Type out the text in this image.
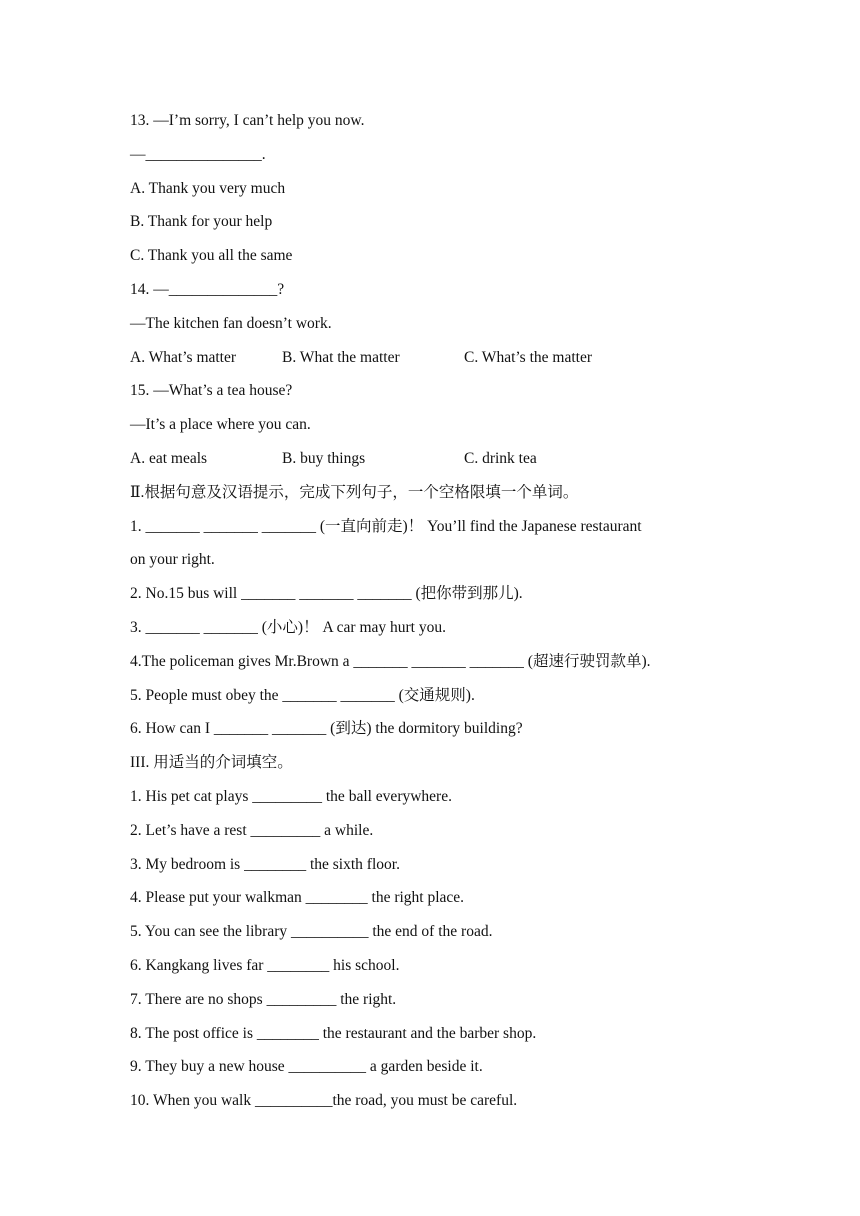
13. —I’m sorry, I can’t help you now.
—_______________.
A. Thank you very much
B. Thank for your help
C. Thank you all the same
14. —______________?
—The kitchen fan doesn’t work.
A. What’s matter	B. What the matter	C. What’s the matter
15. —What’s a tea house?
—It’s a place where you can.
A. eat meals	B. buy things	C. drink tea
Ⅱ.根据句意及汉语提示，完成下列句子，一个空格限填一个单词。
1. _______ _______ _______ (一直向前走)！ You’ll find the Japanese restaurant
on your right.
2. No.15 bus will _______ _______ _______ (把你带到那儿).
3. _______ _______ (小心)！ A car may hurt you.
4.The policeman gives Mr.Brown a _______ _______ _______ (超速行驶罚款单).
5. People must obey the _______ _______ (交通规则).
6. How can I _______ _______ (到达) the dormitory building?
III. 用适当的介词填空。
1. His pet cat plays _________ the ball everywhere.
2. Let’s have a rest _________ a while.
3. My bedroom is ________ the sixth floor.
4. Please put your walkman ________ the right place.
5. You can see the library __________ the end of the road.
6. Kangkang lives far ________ his school.
7. There are no shops _________ the right.
8. The post office is ________ the restaurant and the barber shop.
9. They buy a new house __________ a garden beside it.
10. When you walk __________the road, you must be careful.
